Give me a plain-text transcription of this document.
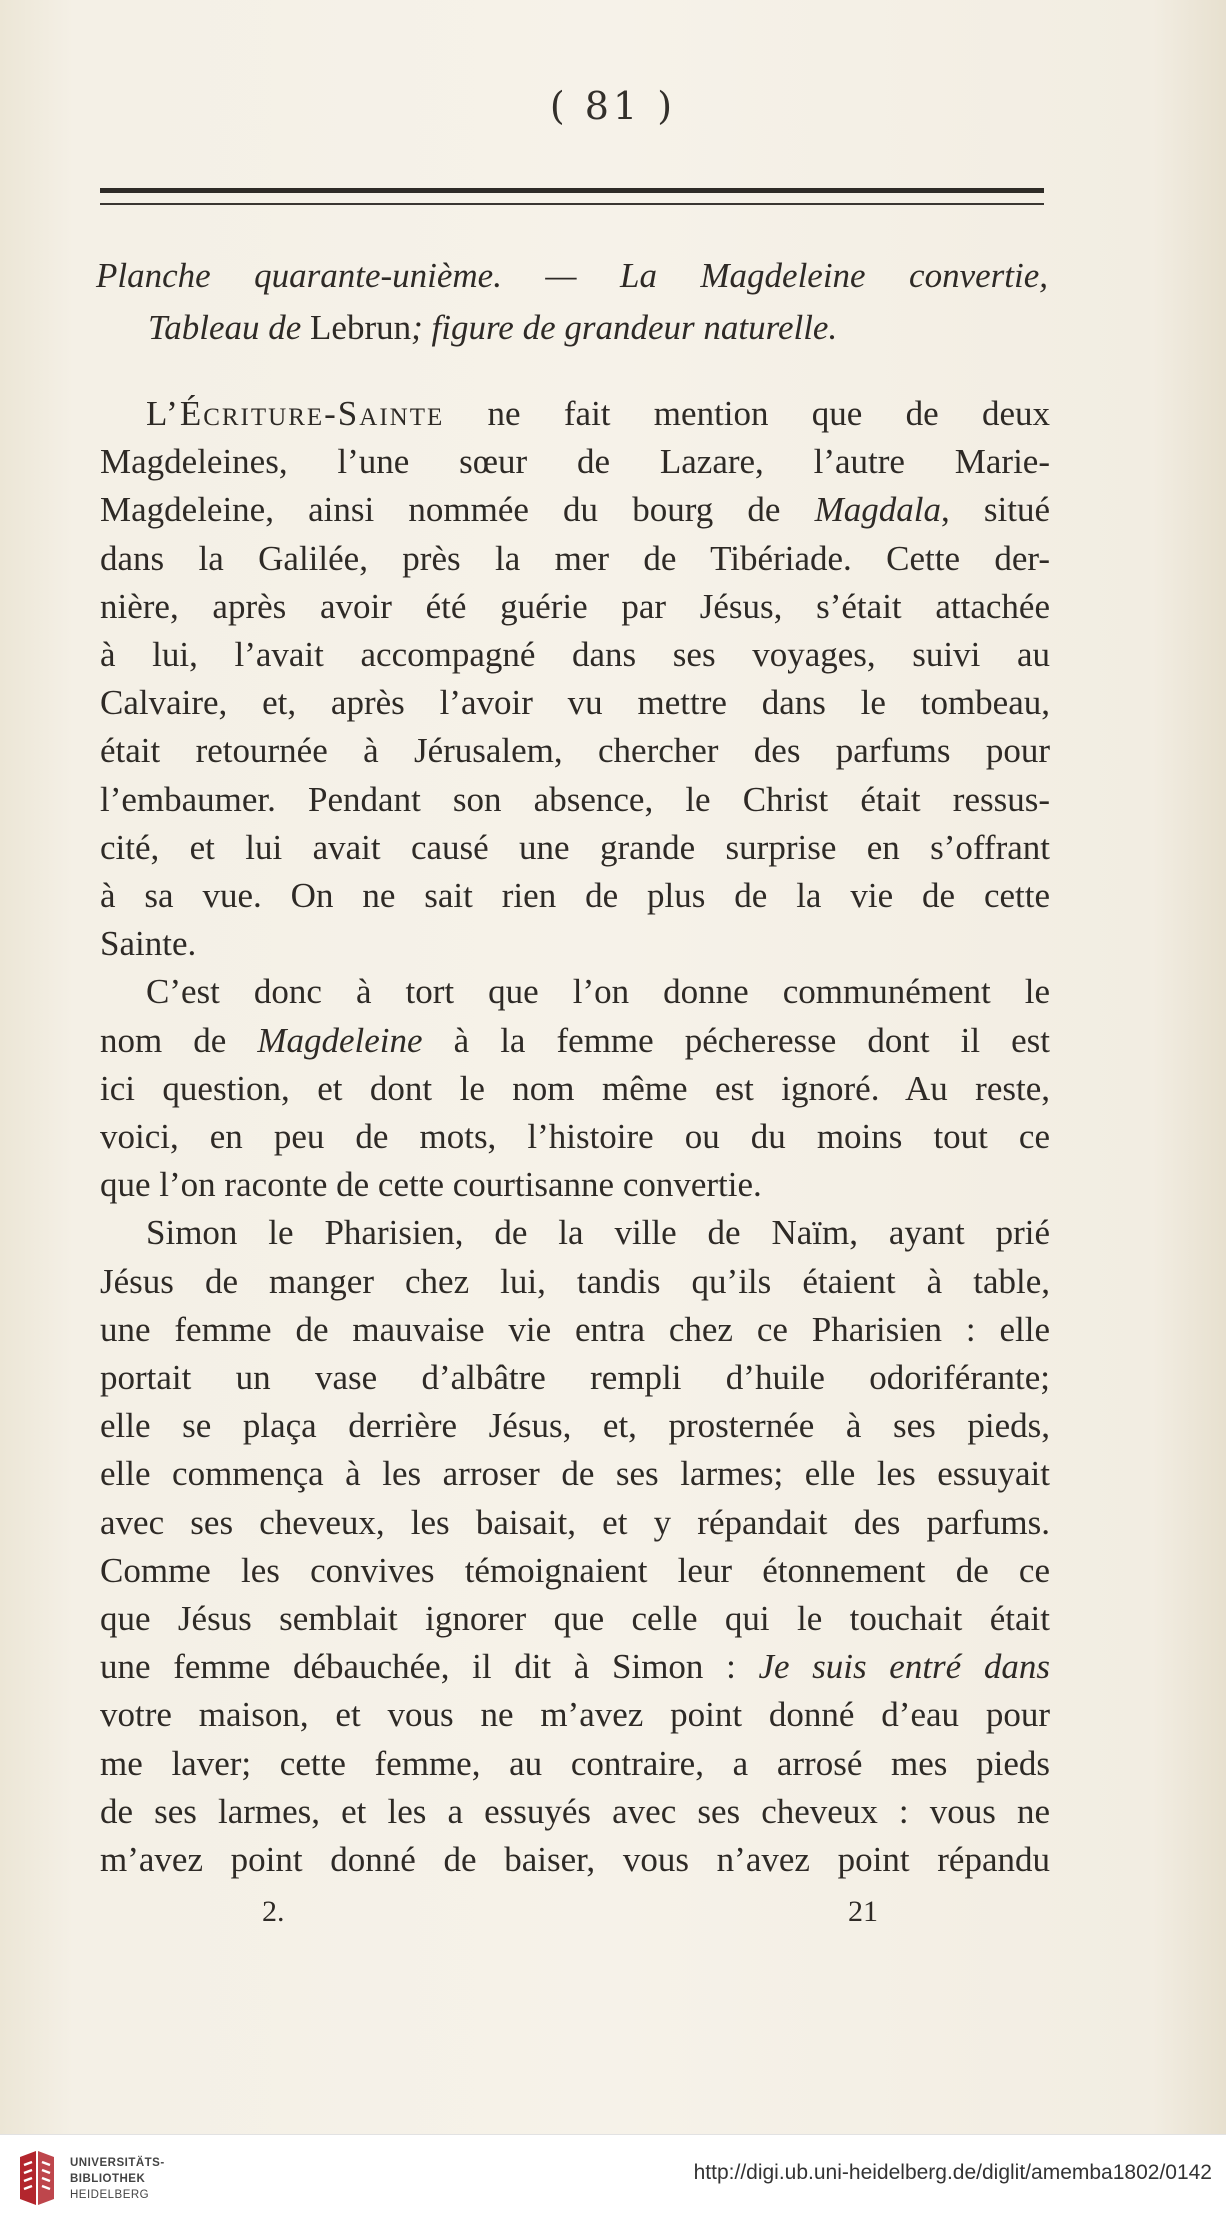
( 81 )
Planche quarante-unième. — La Magdeleine convertie,
Tableau de Lebrun; figure de grandeur naturelle.
L’Écriture-Sainte ne fait mention que de deux
Magdeleines, l’une sœur de Lazare, l’autre Marie-
Magdeleine, ainsi nommée du bourg de Magdala, situé
dans la Galilée, près la mer de Tibériade. Cette der-
nière, après avoir été guérie par Jésus, s’était attachée
à lui, l’avait accompagné dans ses voyages, suivi au
Calvaire, et, après l’avoir vu mettre dans le tombeau,
était retournée à Jérusalem, chercher des parfums pour
l’embaumer. Pendant son absence, le Christ était ressus-
cité, et lui avait causé une grande surprise en s’offrant
à sa vue. On ne sait rien de plus de la vie de cette
Sainte.
C’est donc à tort que l’on donne communément le
nom de Magdeleine à la femme pécheresse dont il est
ici question, et dont le nom même est ignoré. Au reste,
voici, en peu de mots, l’histoire ou du moins tout ce
que l’on raconte de cette courtisanne convertie.
Simon le Pharisien, de la ville de Naïm, ayant prié
Jésus de manger chez lui, tandis qu’ils étaient à table,
une femme de mauvaise vie entra chez ce Pharisien : elle
portait un vase d’albâtre rempli d’huile odoriférante;
elle se plaça derrière Jésus, et, prosternée à ses pieds,
elle commença à les arroser de ses larmes; elle les essuyait
avec ses cheveux, les baisait, et y répandait des parfums.
Comme les convives témoignaient leur étonnement de ce
que Jésus semblait ignorer que celle qui le touchait était
une femme débauchée, il dit à Simon : Je suis entré dans
votre maison, et vous ne m’avez point donné d’eau pour
me laver; cette femme, au contraire, a arrosé mes pieds
de ses larmes, et les a essuyés avec ses cheveux : vous ne
m’avez point donné de baiser, vous n’avez point répandu
2.	21
UNIVERSITÄTS-
BIBLIOTHEK
HEIDELBERG
http://digi.ub.uni-heidelberg.de/diglit/amemba1802/0142
